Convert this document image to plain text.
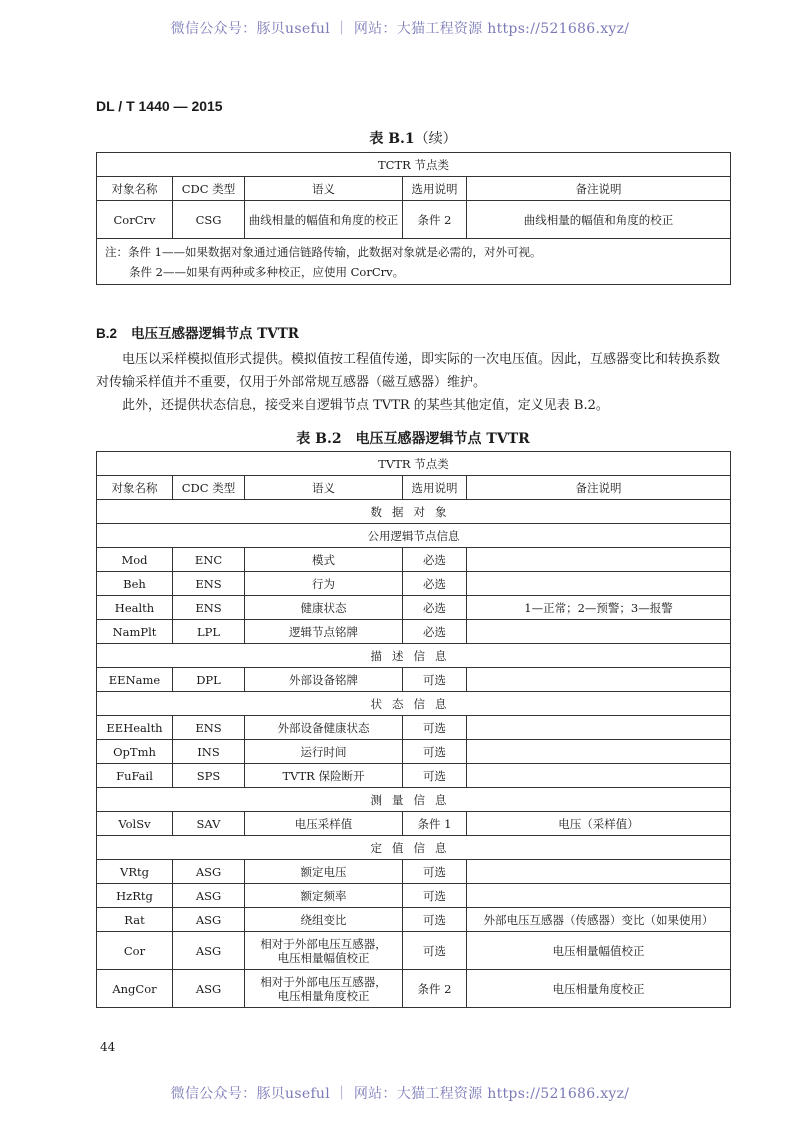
微信公众号：豚贝useful ｜ 网站：大猫工程资源 https://521686.xyz/
DL / T 1440 — 2015
表 B.1（续）
TCTR 节点类				
对象名称	CDC 类型	语义	选用说明	备注说明
CorCrv	CSG	曲线相量的幅值和角度的校正	条件 2	曲线相量的幅值和角度的校正

注：条件 1——如果数据对象通过通信链路传输，此数据对象就是必需的，对外可视。
条件 2——如果有两种或多种校正，应使用 CorCrv。				
B.2 电压互感器逻辑节点 TVTR

电压以采样模拟值形式提供。模拟值按工程值传递，即实际的一次电压值。因此，互感器变比和转换系数对传输采样值并不重要，仅用于外部常规互感器（磁互感器）维护。

此外，还提供状态信息，接受来自逻辑节点 TVTR 的某些其他定值，定义见表 B.2。

表 B.2　电压互感器逻辑节点 TVTR
TVTR 节点类				
对象名称	CDC 类型	语义	选用说明	备注说明
数据对象				
公用逻辑节点信息				
Mod	ENC	模式	必选	
Beh	ENS	行为	必选	
Health	ENS	健康状态	必选	1—正常；2—预警；3—报警
NamPlt	LPL	逻辑节点铭牌	必选	
描述信息				
EEName	DPL	外部设备铭牌	可选	
状态信息				
EEHealth	ENS	外部设备健康状态	可选	
OpTmh	INS	运行时间	可选	
FuFail	SPS	TVTR 保险断开	可选	
测量信息				
VolSv	SAV	电压采样值	条件 1	电压（采样值）
定值信息				
VRtg	ASG	额定电压	可选	
HzRtg	ASG	额定频率	可选	
Rat	ASG	绕组变比	可选	外部电压互感器（传感器）变比（如果使用）
Cor	ASG	相对于外部电压互感器，
电压相量幅值校正	可选	电压相量幅值校正
AngCor	ASG	相对于外部电压互感器，
电压相量角度校正	条件 2	电压相量角度校正
44
微信公众号：豚贝useful ｜ 网站：大猫工程资源 https://521686.xyz/
